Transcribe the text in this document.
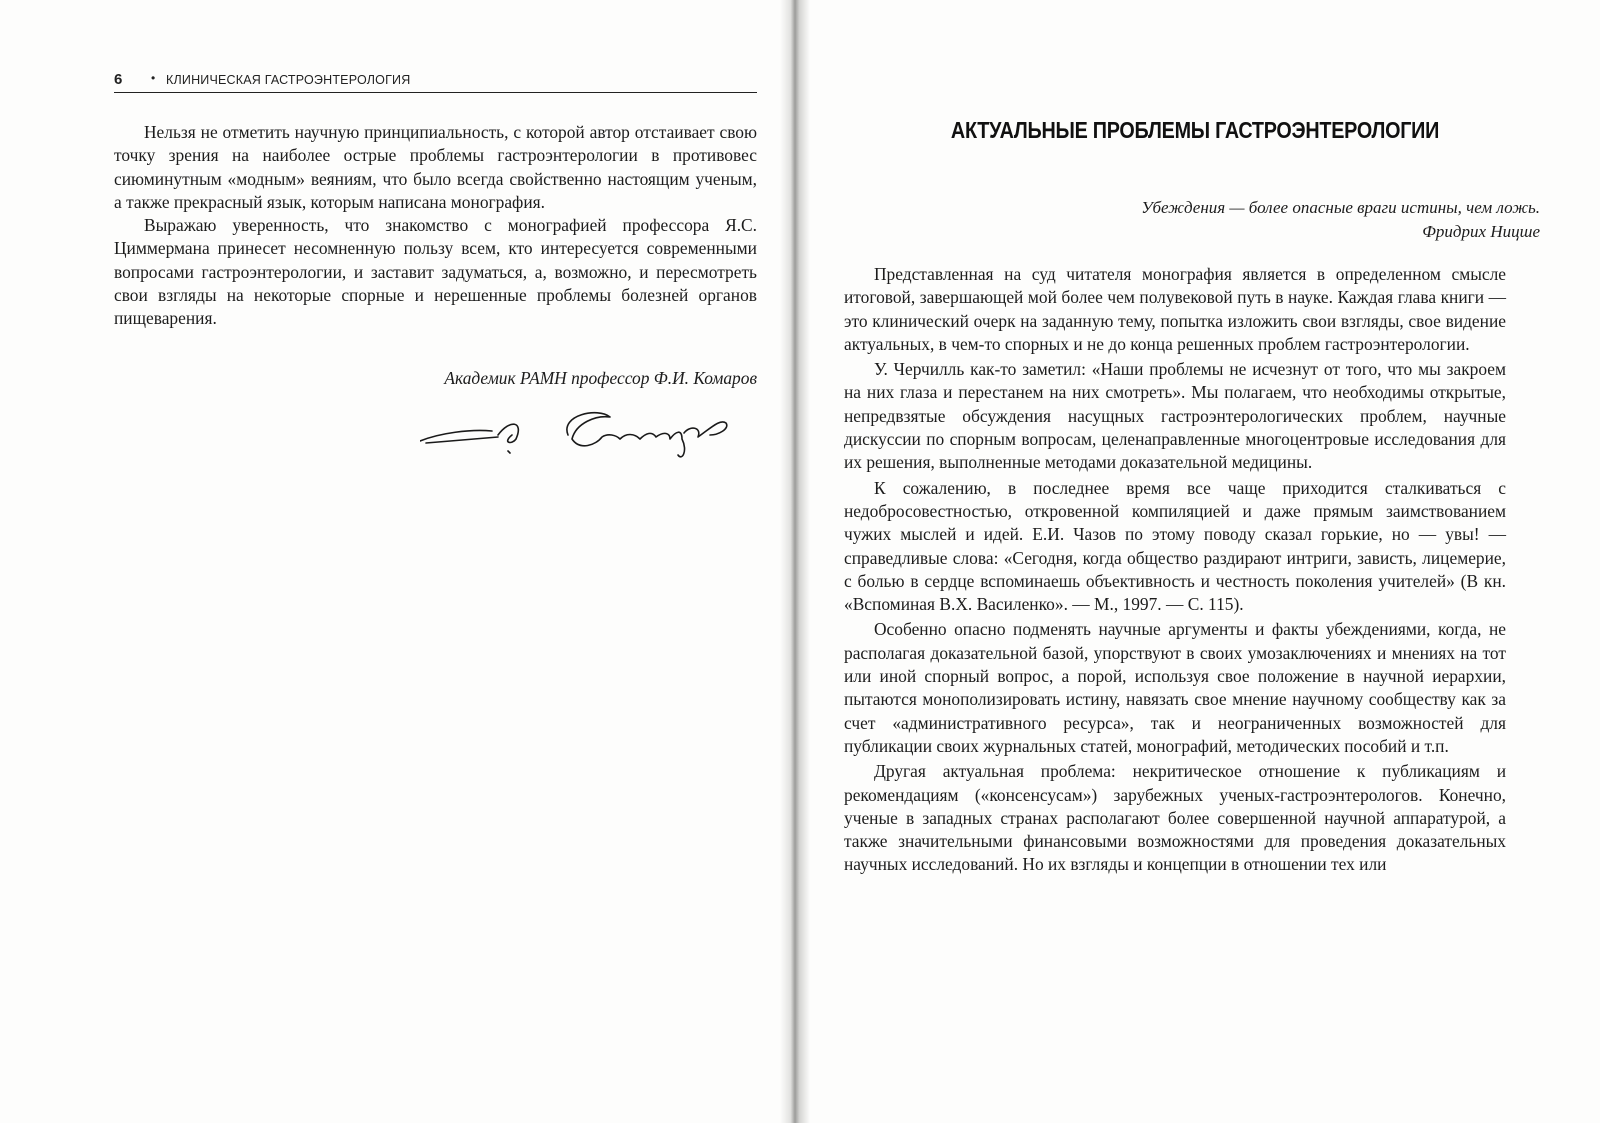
6 • КЛИНИЧЕСКАЯ ГАСТРОЭНТЕРОЛОГИЯ

Нельзя не отметить научную принципиальность, с которой автор отстаивает свою точку зрения на наиболее острые проблемы гастроэнтерологии в противовес сиюминутным «модным» веяниям, что было всегда свойственно настоящим ученым, а также прекрасный язык, которым написана монография.

Выражаю уверенность, что знакомство с монографией профессора Я.С. Циммермана принесет несомненную пользу всем, кто интересуется современными вопросами гастроэнтерологии, и заставит задуматься, а, возможно, и пересмотреть свои взгляды на некоторые спорные и нерешенные проблемы болезней органов пищеварения.

Академик РАМН профессор Ф.И. Комаров
АКТУАЛЬНЫЕ ПРОБЛЕМЫ ГАСТРОЭНТЕРОЛОГИИ
Убеждения — более опасные враги истины, чем ложь.
Фридрих Ницше

Представленная на суд читателя монография является в определенном смысле итоговой, завершающей мой более чем полувековой путь в науке. Каждая глава книги — это клинический очерк на заданную тему, попытка изложить свои взгляды, свое видение актуальных, в чем-то спорных и не до конца решенных проблем гастроэнтерологии.

У. Черчилль как-то заметил: «Наши проблемы не исчезнут от того, что мы закроем на них глаза и перестанем на них смотреть». Мы полагаем, что необходимы открытые, непредвзятые обсуждения насущных гастроэнтерологических проблем, научные дискуссии по спорным вопросам, целенаправленные многоцентровые исследования для их решения, выполненные методами доказательной медицины.

К сожалению, в последнее время все чаще приходится сталкиваться с недобросовестностью, откровенной компиляцией и даже прямым заимствованием чужих мыслей и идей. Е.И. Чазов по этому поводу сказал горькие, но — увы! — справедливые слова: «Сегодня, когда общество раздирают интриги, зависть, лицемерие, с болью в сердце вспоминаешь объективность и честность поколения учителей» (В кн. «Вспоминая В.Х. Василенко». — М., 1997. — С. 115).

Особенно опасно подменять научные аргументы и факты убеждениями, когда, не располагая доказательной базой, упорствуют в своих умозаключениях и мнениях на тот или иной спорный вопрос, а порой, используя свое положение в научной иерархии, пытаются монополизировать истину, навязать свое мнение научному сообществу как за счет «административного ресурса», так и неограниченных возможностей для публикации своих журнальных статей, монографий, методических пособий и т.п.

Другая актуальная проблема: некритическое отношение к публикациям и рекомендациям («консенсусам») зарубежных ученых-гастроэнтерологов. Конечно, ученые в западных странах располагают более совершенной научной аппаратурой, а также значительными финансовыми возможностями для проведения доказательных научных исследований. Но их взгляды и концепции в отношении тех или
